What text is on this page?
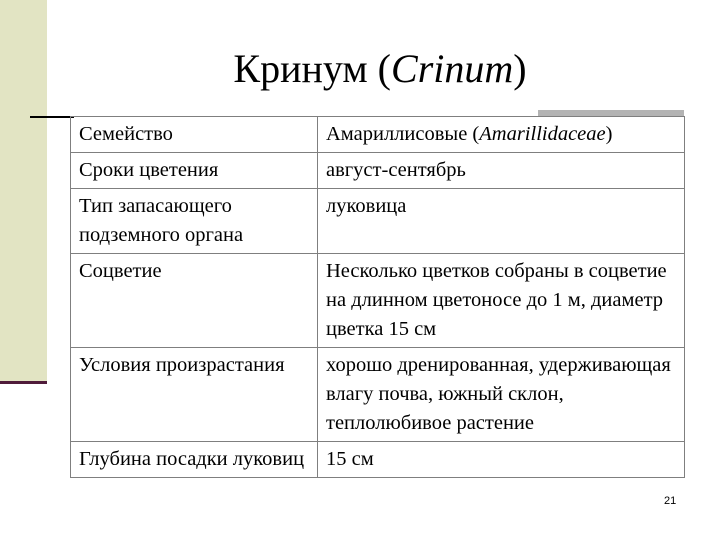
Кринум (Crinum)
Семейство	Амариллисовые (Amarillidaceae)
Сроки цветения	август-сентябрь
Тип запасающего подземного органа	луковица
Соцветие	Несколько цветков собраны в соцветие на длинном цветоносе до 1 м, диаметр цветка 15 см
Условия произрастания	хорошо дренированная, удерживающая влагу почва, южный склон, теплолюбивое растение
Глубина посадки луковиц	15 см
21
